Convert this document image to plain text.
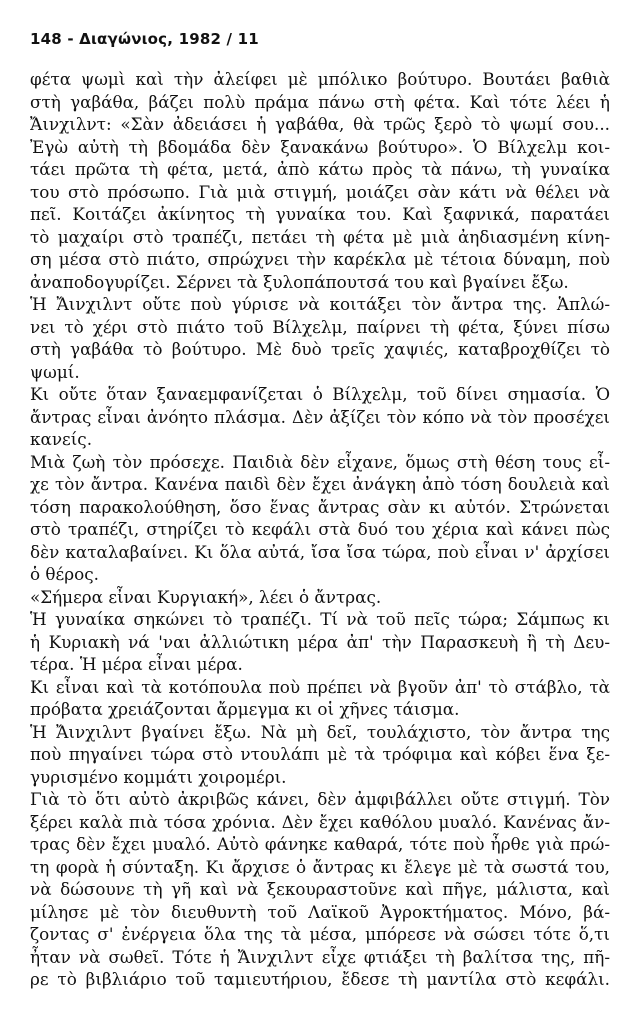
148 - Διαγώνιος, 1982 / 11
φέτα ψωμὶ καὶ τὴν ἀλείφει μὲ μπόλικο βούτυρο. Βουτάει βαθιὰ
στὴ γαβάθα, βάζει πολὺ πράμα πάνω στὴ φέτα. Καὶ τότε λέει ἡ
Ἄινχιλντ: «Σὰν ἀδειάσει ἡ γαβάθα, θὰ τρῶς ξερὸ τὸ ψωμί σου...
Ἐγὼ αὐτὴ τὴ βδομάδα δὲν ξανακάνω βούτυρο». Ὁ Βίλχελμ κοι-
τάει πρῶτα τὴ φέτα, μετά, ἀπὸ κάτω πρὸς τὰ πάνω, τὴ γυναίκα
του στὸ πρόσωπο. Γιὰ μιὰ στιγμή, μοιάζει σὰν κάτι νὰ θέλει νὰ
πεῖ. Κοιτάζει ἀκίνητος τὴ γυναίκα του. Καὶ ξαφνικά, παρατάει
τὸ μαχαίρι στὸ τραπέζι, πετάει τὴ φέτα μὲ μιὰ ἀηδιασμένη κίνη-
ση μέσα στὸ πιάτο, σπρώχνει τὴν καρέκλα μὲ τέτοια δύναμη, ποὺ
ἀναποδογυρίζει. Σέρνει τὰ ξυλοπάπουτσά του καὶ βγαίνει ἔξω.
Ἡ Ἄινχιλντ οὔτε ποὺ γύρισε νὰ κοιτάξει τὸν ἄντρα της. Ἁπλώ-
νει τὸ χέρι στὸ πιάτο τοῦ Βίλχελμ, παίρνει τὴ φέτα, ξύνει πίσω
στὴ γαβάθα τὸ βούτυρο. Μὲ δυὸ τρεῖς χαψιές, καταβροχθίζει τὸ
ψωμί.
Κι οὔτε ὅταν ξαναεμφανίζεται ὁ Βίλχελμ, τοῦ δίνει σημασία. Ὁ
ἄντρας εἶναι ἀνόητο πλάσμα. Δὲν ἀξίζει τὸν κόπο νὰ τὸν προσέχει
κανείς.
Μιὰ ζωὴ τὸν πρόσεχε. Παιδιὰ δὲν εἶχανε, ὅμως στὴ θέση τους εἶ-
χε τὸν ἄντρα. Κανένα παιδὶ δὲν ἔχει ἀνάγκη ἀπὸ τόση δουλειὰ καὶ
τόση παρακολούθηση, ὅσο ἕνας ἄντρας σὰν κι αὐτόν. Στρώνεται
στὸ τραπέζι, στηρίζει τὸ κεφάλι στὰ δυό του χέρια καὶ κάνει πὼς
δὲν καταλαβαίνει. Κι ὅλα αὐτά, ἴσα ἴσα τώρα, ποὺ εἶναι ν' ἀρχίσει
ὁ θέρος.
«Σήμερα εἶναι Κυργιακή», λέει ὁ ἄντρας.
Ἡ γυναίκα σηκώνει τὸ τραπέζι. Τί νὰ τοῦ πεῖς τώρα; Σάμπως κι
ἡ Κυριακὴ νά 'ναι ἀλλιώτικη μέρα ἀπ' τὴν Παρασκευὴ ἢ τὴ Δευ-
τέρα. Ἡ μέρα εἶναι μέρα.
Κι εἶναι καὶ τὰ κοτόπουλα ποὺ πρέπει νὰ βγοῦν ἀπ' τὸ στάβλο, τὰ
πρόβατα χρειάζονται ἄρμεγμα κι οἱ χῆνες τάισμα.
Ἡ Ἄινχιλντ βγαίνει ἔξω. Νὰ μὴ δεῖ, τουλάχιστο, τὸν ἄντρα της
ποὺ πηγαίνει τώρα στὸ ντουλάπι μὲ τὰ τρόφιμα καὶ κόβει ἕνα ξε-
γυρισμένο κομμάτι χοιρομέρι.
Γιὰ τὸ ὅτι αὐτὸ ἀκριβῶς κάνει, δὲν ἀμφιβάλλει οὔτε στιγμή. Τὸν
ξέρει καλὰ πιὰ τόσα χρόνια. Δὲν ἔχει καθόλου μυαλό. Κανένας ἄν-
τρας δὲν ἔχει μυαλό. Αὐτὸ φάνηκε καθαρά, τότε ποὺ ἦρθε γιὰ πρώ-
τη φορὰ ἡ σύνταξη. Κι ἄρχισε ὁ ἄντρας κι ἔλεγε μὲ τὰ σωστά του,
νὰ δώσουνε τὴ γῆ καὶ νὰ ξεκουραστοῦνε καὶ πῆγε, μάλιστα, καὶ
μίλησε μὲ τὸν διευθυντὴ τοῦ Λαϊκοῦ Ἀγροκτήματος. Μόνο, βά-
ζοντας σ' ἐνέργεια ὅλα της τὰ μέσα, μπόρεσε νὰ σώσει τότε ὅ,τι
ἦταν νὰ σωθεῖ. Τότε ἡ Ἄινχιλντ εἶχε φτιάξει τὴ βαλίτσα της, πῆ-
ρε τὸ βιβλιάριο τοῦ ταμιευτήριου, ἔδεσε τὴ μαντίλα στὸ κεφάλι.
